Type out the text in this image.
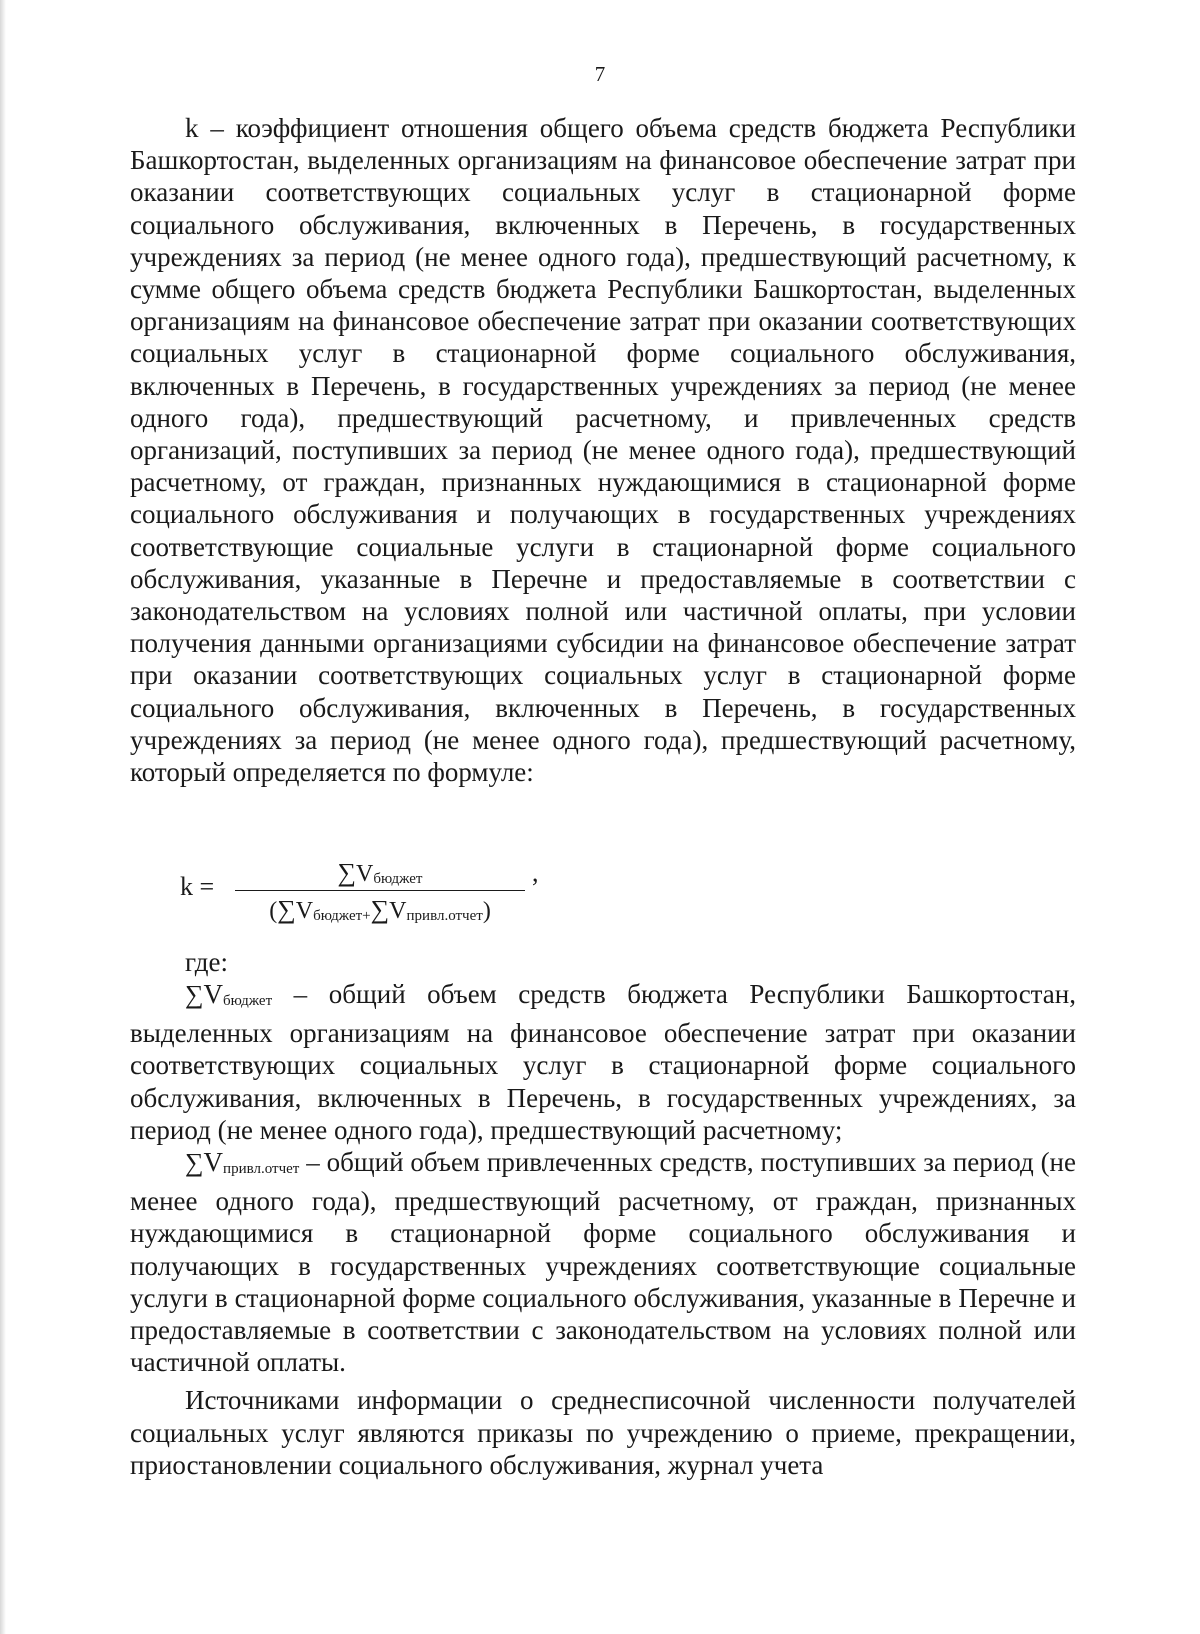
7

k – коэффициент отношения общего объема средств бюджета Республики Башкортостан, выделенных организациям на финансовое обеспечение затрат при оказании соответствующих социальных услуг в стационарной форме социального обслуживания, включенных в Перечень, в государственных учреждениях за период (не менее одного года), предшествующий расчетному, к сумме общего объема средств бюджета Республики Башкортостан, выделенных организациям на финансовое обеспечение затрат при оказании соответствующих социальных услуг в стационарной форме социального обслуживания, включенных в Перечень, в государственных учреждениях за период (не менее одного года), предшествующий расчетному, и привлеченных средств организаций, поступивших за период (не менее одного года), предшествующий расчетному, от граждан, признанных нуждающимися в стационарной форме социального обслуживания и получающих в государственных учреждениях соответствующие социальные услуги в стационарной форме социального обслуживания, указанные в Перечне и предоставляемые в соответствии с законодательством на условиях полной или частичной оплаты, при условии получения данными организациями субсидии на финансовое обеспечение затрат при оказании соответствующих социальных услуг в стационарной форме социального обслуживания, включенных в Перечень, в государственных учреждениях за период (не менее одного года), предшествующий расчетному, который определяется по формуле:

k =	$\sum V_{бюджет}$
$(\sum V_{бюджет+}\sum V_{привл.отчет})$
,
где:

$\sum V_{бюджет}$ – общий объем средств бюджета Республики Башкортостан, выделенных организациям на финансовое обеспечение затрат при оказании соответствующих социальных услуг в стационарной форме социального обслуживания, включенных в Перечень, в государственных учреждениях, за период (не менее одного года), предшествующий расчетному;

$\sum V_{привл.отчет}$ – общий объем привлеченных средств, поступивших за период (не менее одного года), предшествующий расчетному, от граждан, признанных нуждающимися в стационарной форме социального обслуживания и получающих в государственных учреждениях соответствующие социальные услуги в стационарной форме социального обслуживания, указанные в Перечне и предоставляемые в соответствии с законодательством на условиях полной или частичной оплаты.

Источниками информации о среднесписочной численности получателей социальных услуг являются приказы по учреждению о приеме, прекращении, приостановлении социального обслуживания, журнал учета
